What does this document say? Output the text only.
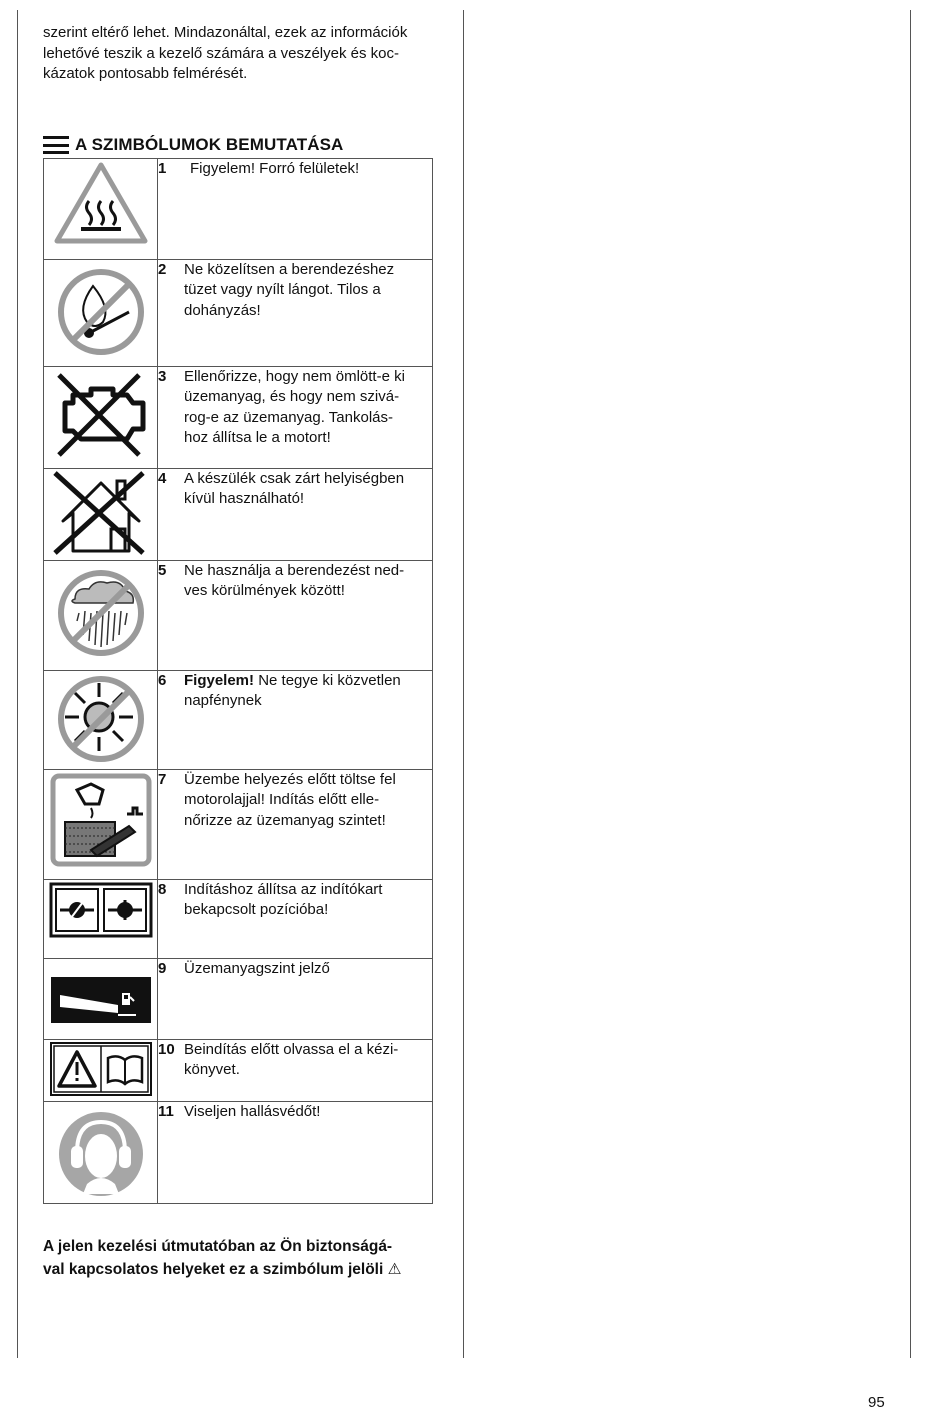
szerint eltérő lehet. Mindazonáltal, ezek az információk

lehetővé teszik a kezelő számára a veszélyek és koc-

kázatok pontosabb felmérését.

A SZIMBÓLUMOK BEMUTATÁSA

1 Figyelem! Forró felületek!

2 Ne közelítsen a berendezéshez
tüzet vagy nyílt lángot. Tilos a
dohányzás!

3 Ellenőrizze, hogy nem ömlött-e ki
üzemanyag, és hogy nem szivá-
rog-e az üzemanyag. Tankolás-
hoz állítsa le a motort!

4 A készülék csak zárt helyiségben
kívül használható!

5 Ne használja a berendezést ned-
ves körülmények között!

6 Figyelem! Ne tegye ki közvetlen
napfénynek

7 Üzembe helyezés előtt töltse fel
motorolajjal! Indítás előtt elle-
nőrizze az üzemanyag szintet!

8 Indításhoz állítsa az indítókart
bekapcsolt pozícióba!

9 Üzemanyagszint jelző

10 Beindítás előtt olvassa el a kézi-
könyvet.

11 Viseljen hallásvédőt!
A jelen kezelési útmutatóban az Ön biztonságá-
val kapcsolatos helyeket ez a szimbólum jelöli ⚠
95
